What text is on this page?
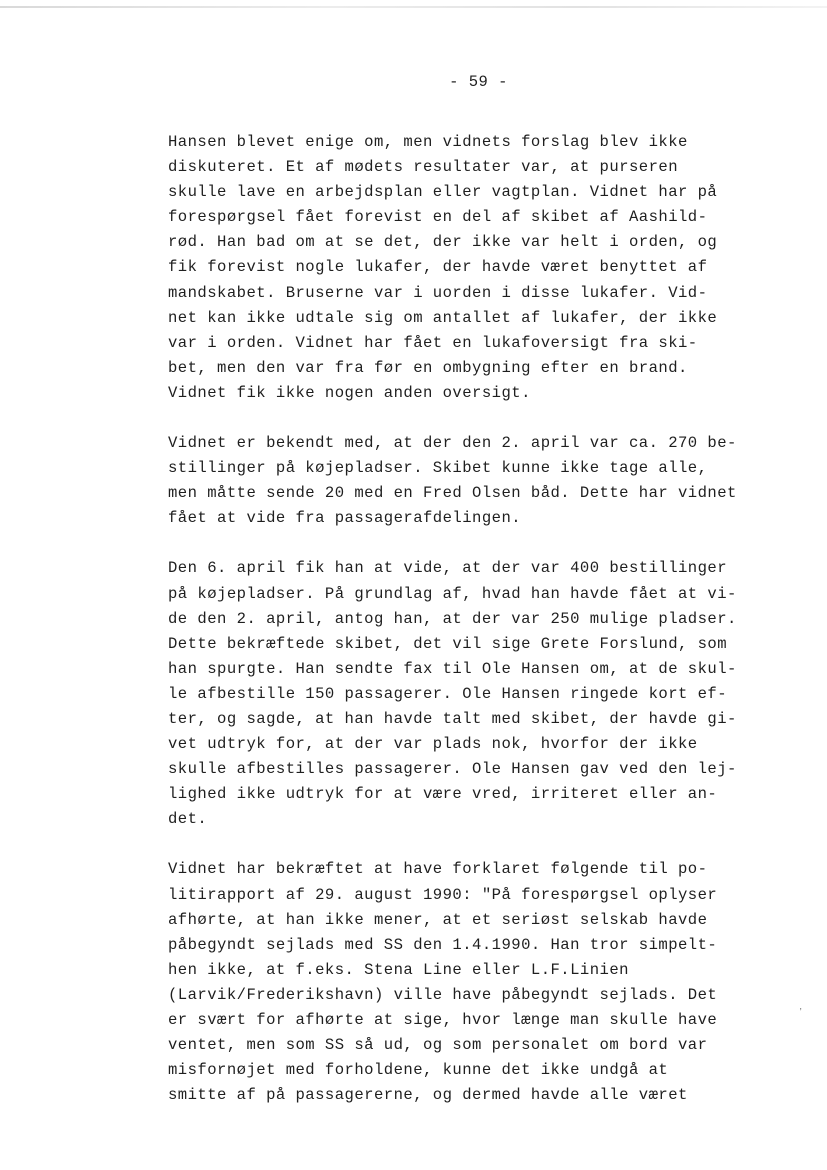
- 59 -
Hansen blevet enige om, men vidnets forslag blev ikke
diskuteret. Et af mødets resultater var, at purseren
skulle lave en arbejdsplan eller vagtplan. Vidnet har på
forespørgsel fået forevist en del af skibet af Aashild-
rød. Han bad om at se det, der ikke var helt i orden, og
fik forevist nogle lukafer, der havde været benyttet af
mandskabet. Bruserne var i uorden i disse lukafer. Vid-
net kan ikke udtale sig om antallet af lukafer, der ikke
var i orden. Vidnet har fået en lukafoversigt fra ski-
bet, men den var fra før en ombygning efter en brand.
Vidnet fik ikke nogen anden oversigt.
Vidnet er bekendt med, at der den 2. april var ca. 270 be-
stillinger på køjepladser. Skibet kunne ikke tage alle,
men måtte sende 20 med en Fred Olsen båd. Dette har vidnet
fået at vide fra passagerafdelingen.
Den 6. april fik han at vide, at der var 400 bestillinger
på køjepladser. På grundlag af, hvad han havde fået at vi-
de den 2. april, antog han, at der var 250 mulige pladser.
Dette bekræftede skibet, det vil sige Grete Forslund, som
han spurgte. Han sendte fax til Ole Hansen om, at de skul-
le afbestille 150 passagerer. Ole Hansen ringede kort ef-
ter, og sagde, at han havde talt med skibet, der havde gi-
vet udtryk for, at der var plads nok, hvorfor der ikke
skulle afbestilles passagerer. Ole Hansen gav ved den lej-
lighed ikke udtryk for at være vred, irriteret eller an-
det.
Vidnet har bekræftet at have forklaret følgende til po-
litirapport af 29. august 1990: "På forespørgsel oplyser
afhørte, at han ikke mener, at et seriøst selskab havde
påbegyndt sejlads med SS den 1.4.1990. Han tror simpelt-
hen ikke, at f.eks. Stena Line eller L.F.Linien
(Larvik/Frederikshavn) ville have påbegyndt sejlads. Det
er svært for afhørte at sige, hvor længe man skulle have
ventet, men som SS så ud, og som personalet om bord var
misfornøjet med forholdene, kunne det ikke undgå at
smitte af på passagererne, og dermed havde alle været
ʼ
